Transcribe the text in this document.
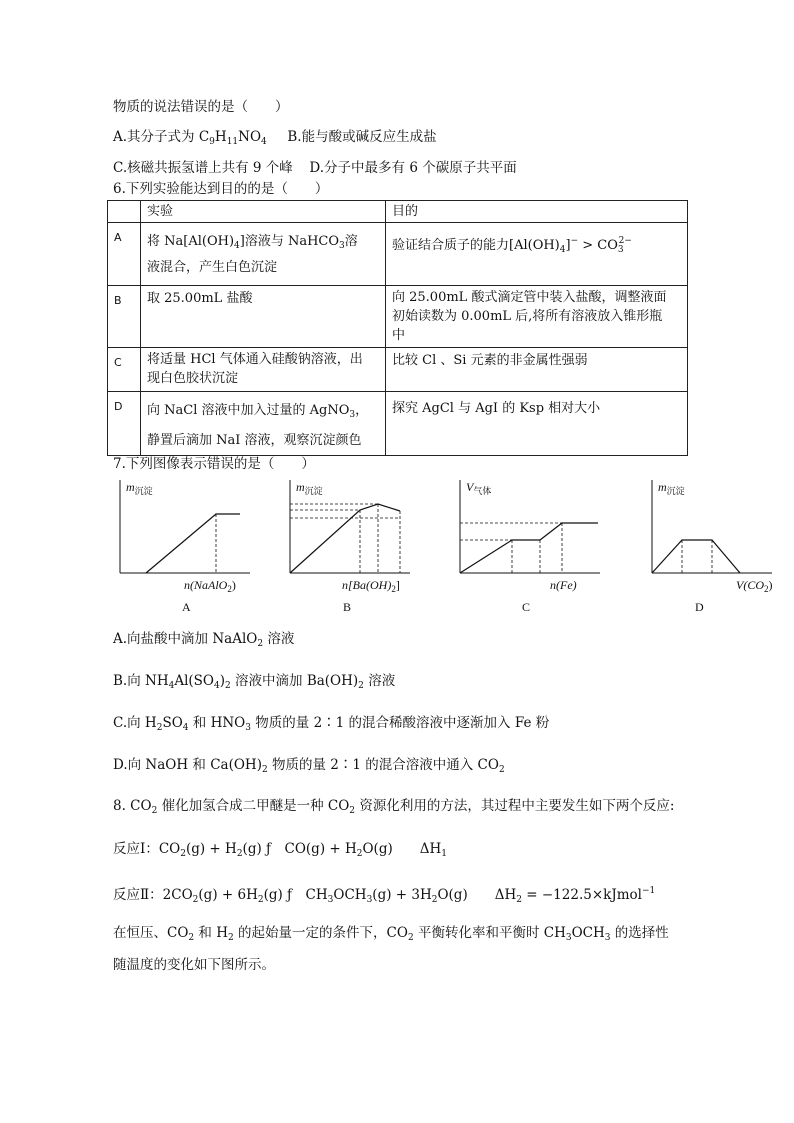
物质的说法错误的是（　　）
A.其分子式为 $C_9H_{11}NO_4$ B.能与酸或碱反应生成盐
C.核磁共振氢谱上共有 9 个峰 D.分子中最多有 6 个碳原子共平面
6.下列实验能达到目的的是（　　）
	实验	目的
A	将 $Na[Al(OH)_4]$溶液与 NaHCO$_3$溶
液混合，产生白色沉淀	验证结合质子的能力$[Al(OH)_4]^- > CO_3^{2-}$
B	取 25.00mL 盐酸	向 25.00mL 酸式滴定管中装入盐酸，调整液面
初始读数为 0.00mL 后,将所有溶液放入锥形瓶
中

C	将适量 HCl 气体通入硅酸钠溶液，出
现白色胶状沉淀	比较 Cl 、Si 元素的非金属性强弱
D	向 NaCl 溶液中加入过量的 AgNO$_3$，
静置后滴加 NaI 溶液，观察沉淀颜色	探究 AgCl 与 AgI 的 Ksp 相对大小
7.下列图像表示错误的是（　　）
$m_{沉淀}$
n(NaAlO$_2$)
A
$m_{沉淀}$
$n[Ba(OH)_2]$
B
$V_{气体}$
n(Fe)
C
$m_{沉淀}$
$V(CO_2)$
D
A.向盐酸中滴加 NaAlO$_2$ 溶液
B.向 $NH_4Al(SO_4)_2$ 溶液中滴加 $Ba(OH)_2$ 溶液
C.向 $H_2SO_4$ 和 $HNO_3$ 物质的量 2∶1 的混合稀酸溶液中逐渐加入 Fe 粉
D.向 NaOH 和 $Ca(OH)_2$ 物质的量 2∶1 的混合溶液中通入 $CO_2$
8. $CO_2$ 催化加氢合成二甲醚是一种 $CO_2$ 资源化利用的方法，其过程中主要发生如下两个反应:
反应Ⅰ：$CO_2(g) + H_2(g)$ ƒ　$CO(g) + H_2O(g)$　　$\Delta H_1$
反应Ⅱ：$2CO_2(g) + 6H_2(g)$ ƒ　$CH_3OCH_3(g) + 3H_2O(g)$　　$\Delta H_2$ = −122.5×kJmol$^{-1}$
在恒压、$CO_2$ 和 $H_2$ 的起始量一定的条件下，$CO_2$ 平衡转化率和平衡时 $CH_3OCH_3$ 的选择性
随温度的变化如下图所示。
